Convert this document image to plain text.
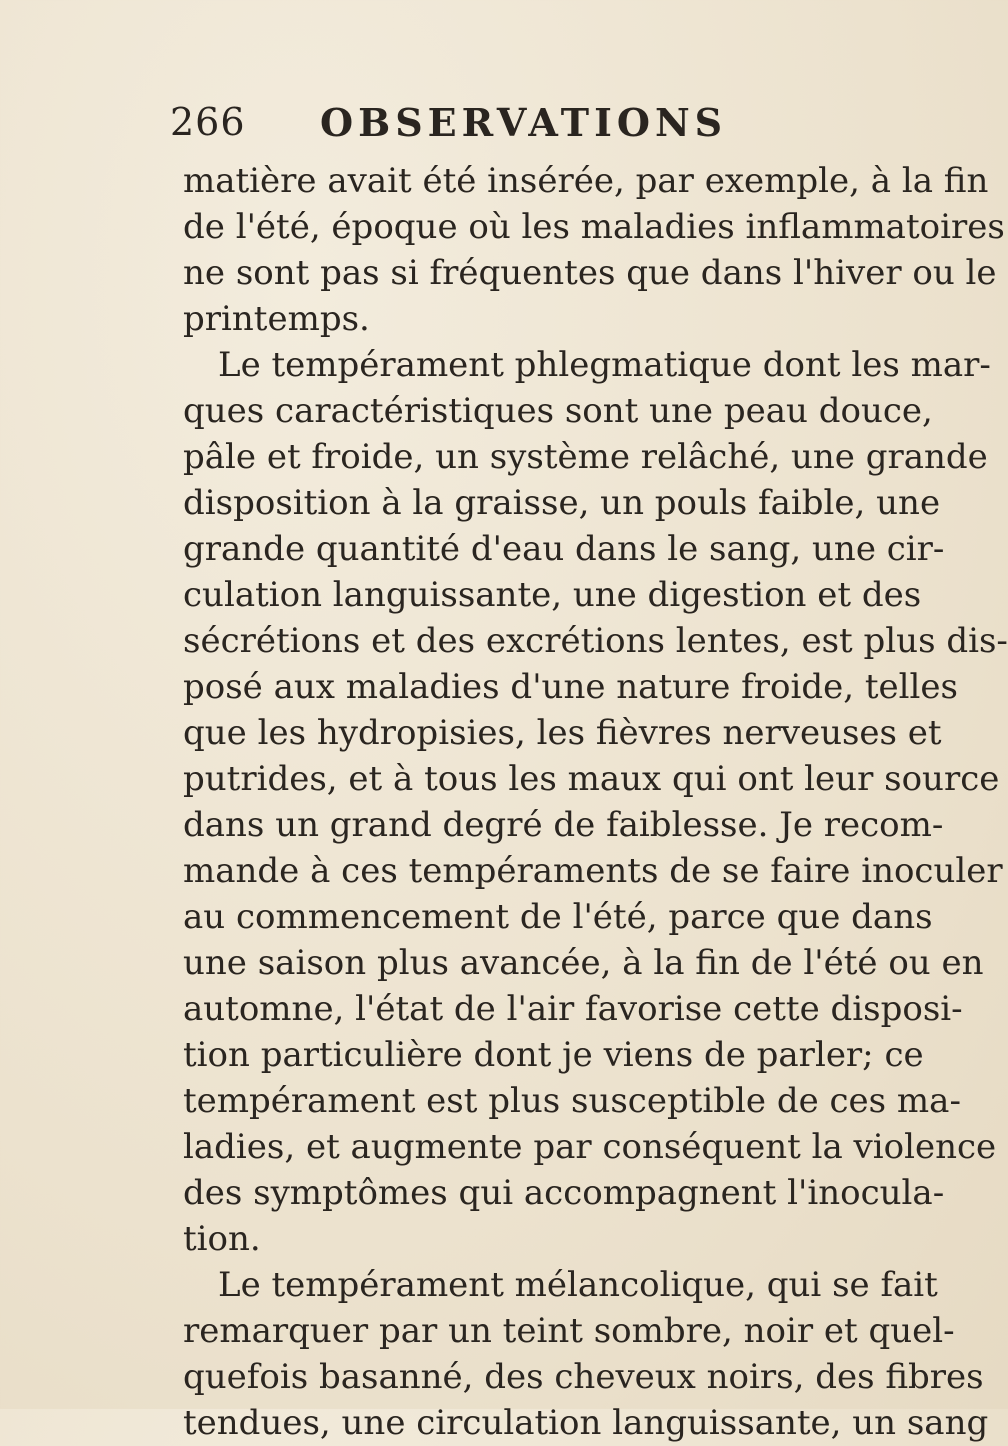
266 OBSERVATIONS
matière avait été insérée, par exemple, à la fin
de l'été, époque où les maladies inflammatoires
ne sont pas si fréquentes que dans l'hiver ou le
printemps.
Le tempérament phlegmatique dont les mar-
ques caractéristiques sont une peau douce,
pâle et froide, un système relâché, une grande
disposition à la graisse, un pouls faible, une
grande quantité d'eau dans le sang, une cir-
culation languissante, une digestion et des
sécrétions et des excrétions lentes, est plus dis-
posé aux maladies d'une nature froide, telles
que les hydropisies, les fièvres nerveuses et
putrides, et à tous les maux qui ont leur source
dans un grand degré de faiblesse. Je recom-
mande à ces tempéraments de se faire inoculer
au commencement de l'été, parce que dans
une saison plus avancée, à la fin de l'été ou en
automne, l'état de l'air favorise cette disposi-
tion particulière dont je viens de parler; ce
tempérament est plus susceptible de ces ma-
ladies, et augmente par conséquent la violence
des symptômes qui accompagnent l'inocula-
tion.
Le tempérament mélancolique, qui se fait
remarquer par un teint sombre, noir et quel-
quefois basanné, des cheveux noirs, des fibres
tendues, une circulation languissante, un sang
